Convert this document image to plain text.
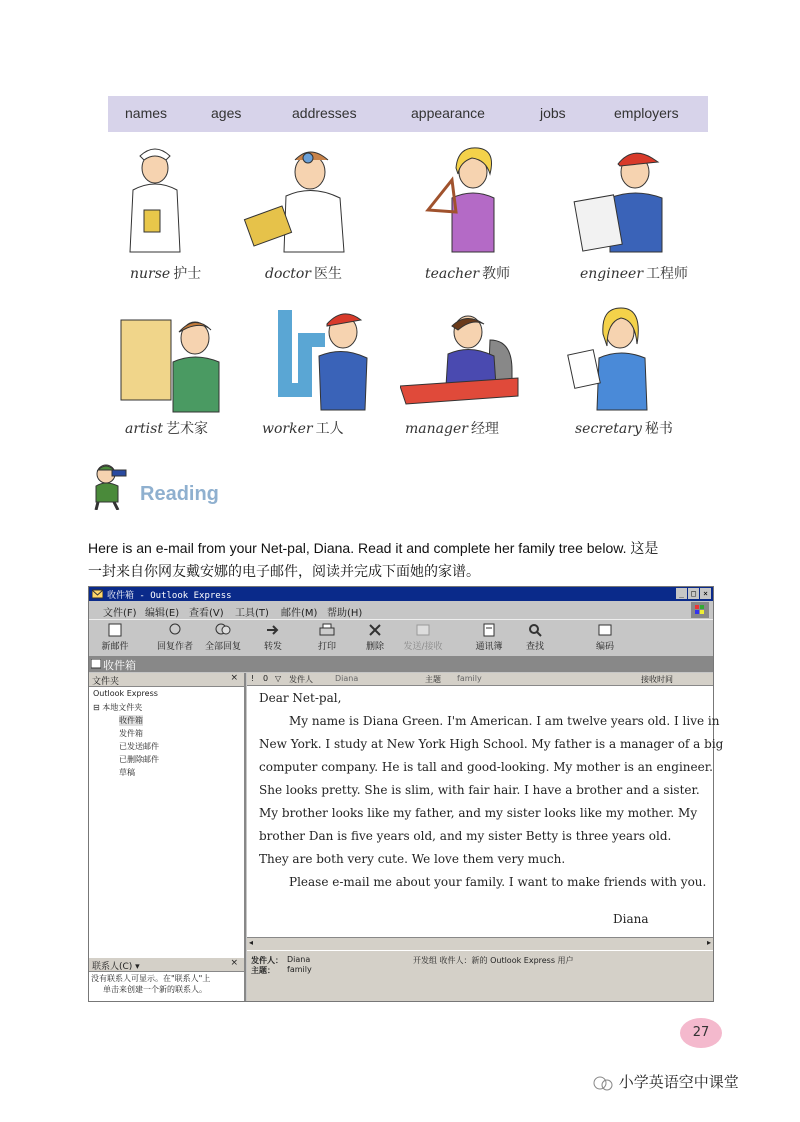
names	ages	addresses	appearance	jobs	employers
nurse 护士	doctor 医生	teacher 教师	engineer 工程师
artist 艺术家	worker 工人	manager 经理	secretary 秘书
Reading
Here is an e-mail from your Net-pal, Diana. Read it and complete her family tree below. 这是
一封来自你网友戴安娜的电子邮件，阅读并完成下面她的家谱。
收件箱 - Outlook Express	_ □ ×
文件(F) 编辑(E) 查看(V) 工具(T) 邮件(M) 帮助(H)
新邮件	回复作者 全部回复	转发	打印	删除	发送/接收	通讯簿	查找	编码
收件箱
文件夹	×
Outlook Express
⊟ 本地文件夹
收件箱
发件箱
已发送邮件
已删除邮件
草稿
联系人(C) ▾	×
没有联系人可显示。在"联系人"上
单击来创建一个新的联系人。
! 0 ▽ 发件人	Diana	主题 family	接收时间
Dear Net-pal,
My name is Diana Green. I'm American. I am twelve years old. I live in
New York. I study at New York High School. My father is a manager of a big
computer company. He is tall and good-looking. My mother is an engineer.
She looks pretty. She is slim, with fair hair. I have a brother and a sister.
My brother looks like my father, and my sister looks like my mother. My
brother Dan is five years old, and my sister Betty is three years old.
They are both very cute. We love them very much.
Please e-mail me about your family. I want to make friends with you.
Diana
◂	▸
发件人： Diana
主题： family
开发组 收件人：新的 Outlook Express 用户
27
小学英语空中课堂
